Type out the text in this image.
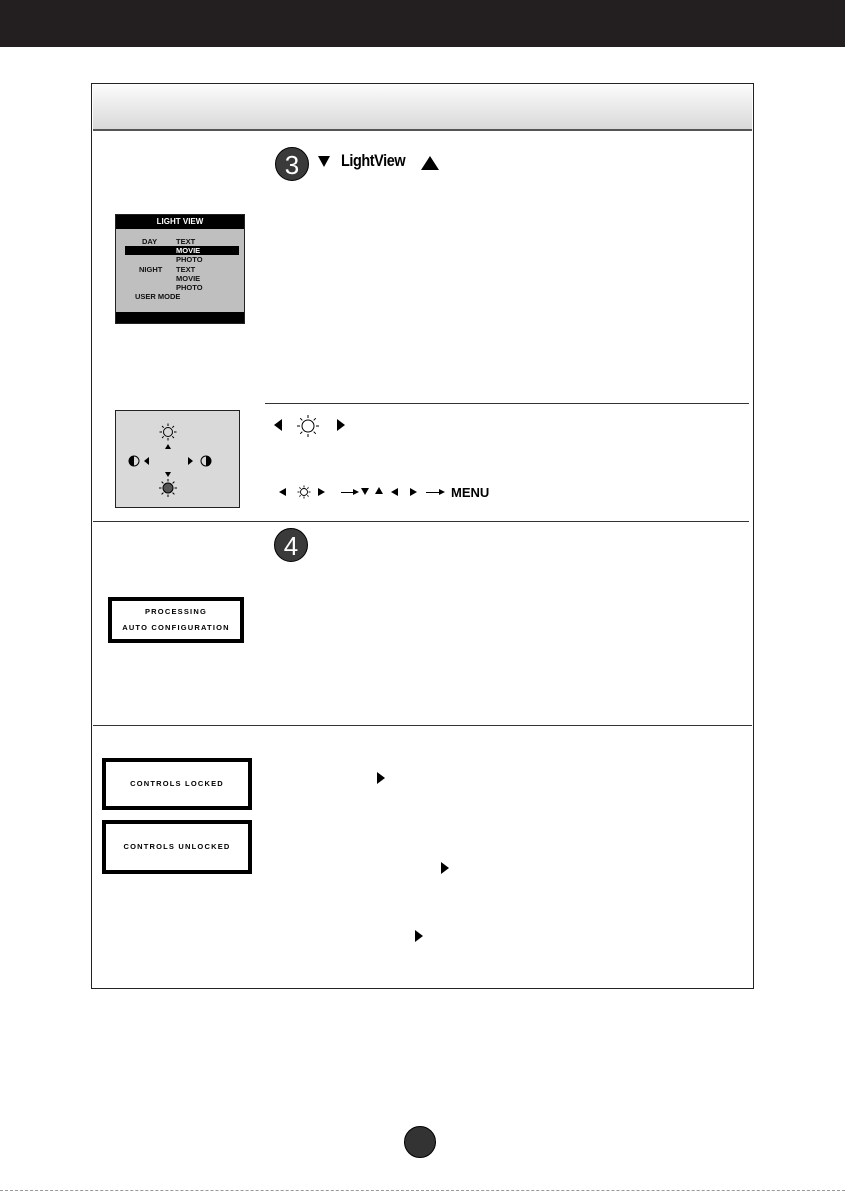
3	LightView
LIGHT VIEW
DAY	TEXT
MOVIE
PHOTO
NIGHT TEXT
MOVIE
PHOTO
USER MODE
MENU
4
PROCESSING
AUTO CONFIGURATION
CONTROLS LOCKED
CONTROLS UNLOCKED
